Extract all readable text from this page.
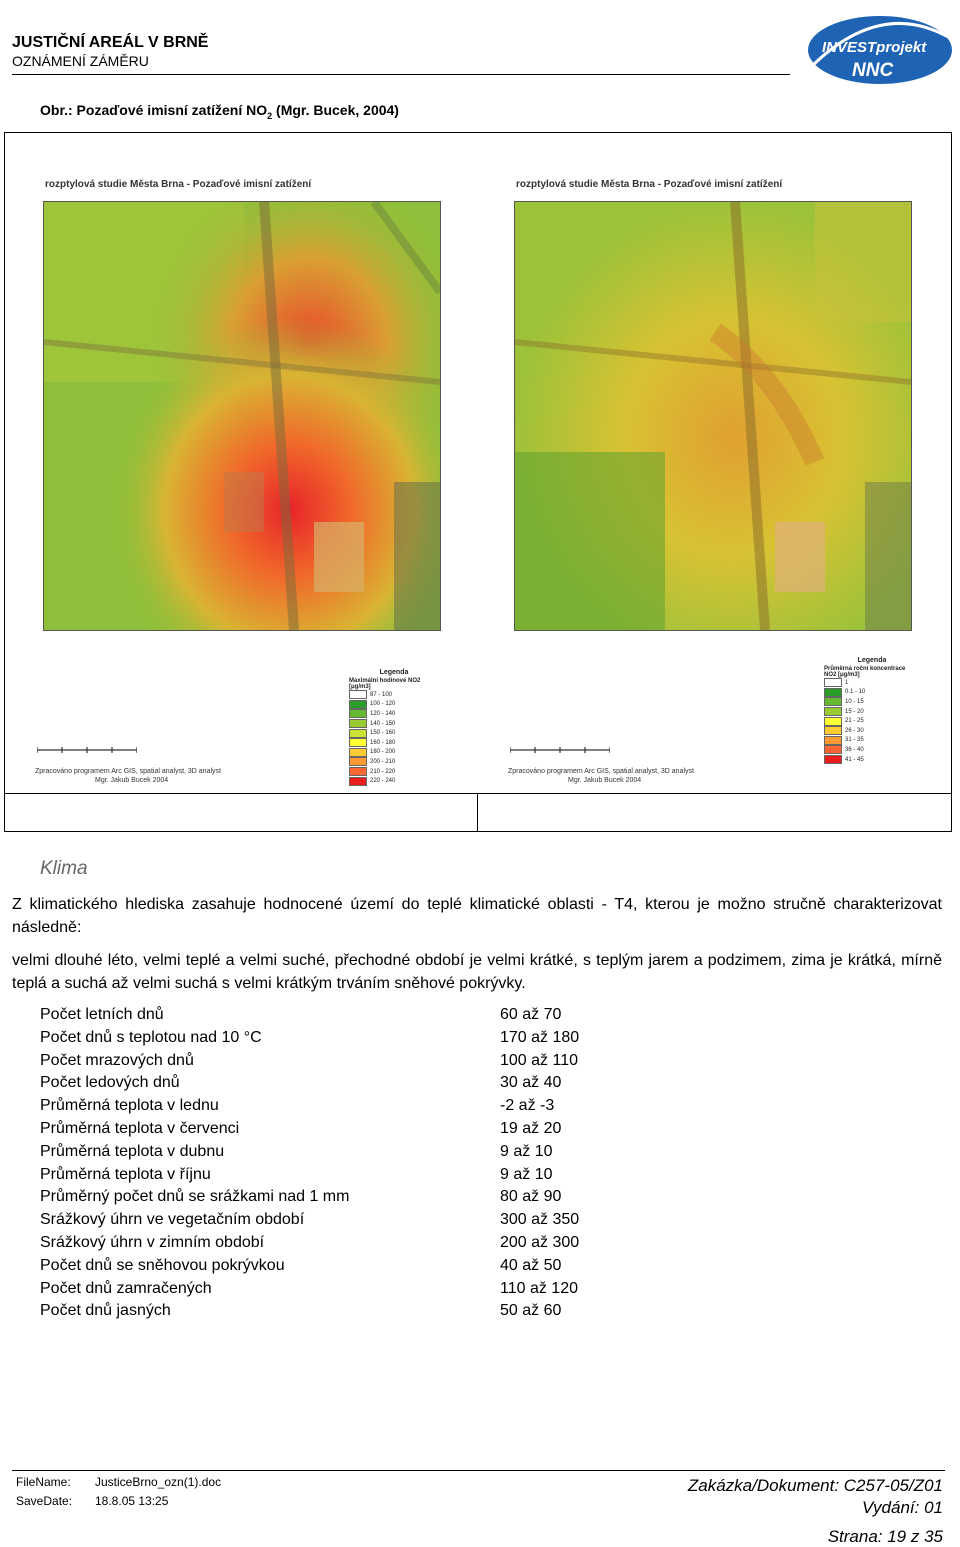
JUSTIČNÍ AREÁL V BRNĚ
OZNÁMENÍ ZÁMĚRU
INVESTprojekt
NNC
Obr.: Pozaďové imisní zatížení $NO_2$ (Mgr. Bucek, 2004)
rozptylová studie Města Brna - Pozaďové imisní zatížení
Legenda
Maximální hodinové NO2
[μg/m3]
87 - 100
100 - 120
120 - 140
140 - 150
150 - 160
160 - 180
180 - 200
200 - 210
210 - 220
220 - 240
Zpracováno programem Arc GIS, spatial analyst, 3D analyst
Mgr. Jakub Bucek 2004
rozptylová studie Města Brna - Pozaďové imisní zatížení
Legenda
Průměrná roční koncentrace
NO2 [μg/m3]
1
0.1 - 10
10 - 15
15 - 20
21 - 25
26 - 30
31 - 35
36 - 40
41 - 45
Zpracováno programem Arc GIS, spatial analyst, 3D analyst
Mgr. Jakub Bucek 2004
Klima
Z klimatického hlediska zasahuje hodnocené území do teplé klimatické oblasti - T4, kterou je možno stručně charakterizovat následně:
velmi dlouhé léto, velmi teplé a velmi suché, přechodné období je velmi krátké, s teplým jarem a podzimem, zima je krátká, mírně teplá a suchá až velmi suchá s velmi krátkým trváním sněhové pokrývky.
Počet letních dnů	60 až 70
Počet dnů s teplotou nad 10 °C	170 až 180
Počet mrazových dnů	100 až 110
Počet ledových dnů	30 až 40
Průměrná teplota v lednu	-2 až -3
Průměrná teplota v červenci	19 až 20
Průměrná teplota v dubnu	9 až 10
Průměrná teplota v říjnu	9 až 10
Průměrný počet dnů se srážkami nad 1 mm	80 až 90
Srážkový úhrn ve vegetačním období	300 až 350
Srážkový úhrn v zimním období	200 až 300
Počet dnů se sněhovou pokrývkou	40 až 50
Počet dnů zamračených	110 až 120
Počet dnů jasných	50 až 60
FileName: JusticeBrno_ozn(1).doc
SaveDate: 18.8.05 13:25
Zakázka/Dokument: C257-05/Z01
Vydání: 01
Strana: 19 z 35
